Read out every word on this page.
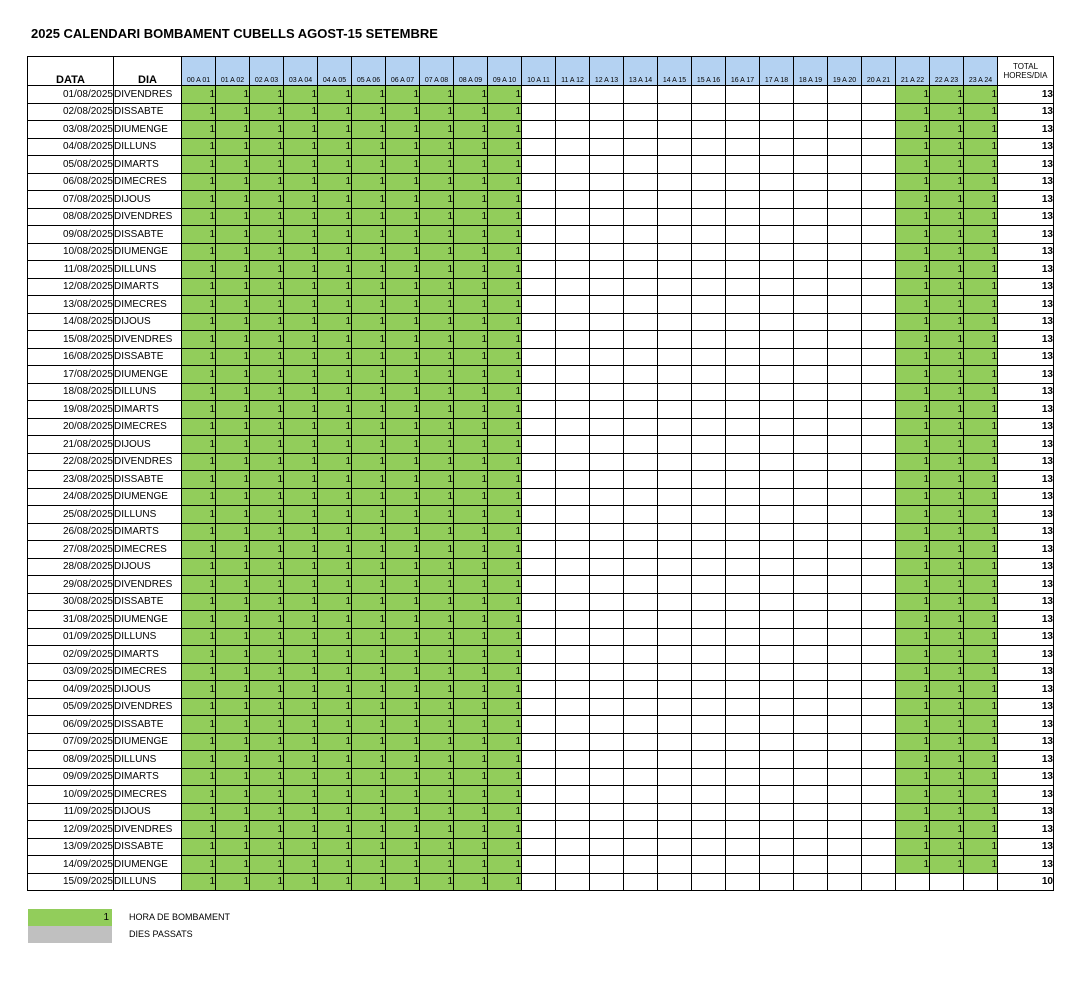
2025 CALENDARI BOMBAMENT CUBELLS AGOST-15 SETEMBRE
DATA	DIA	00 A 01	01 A 02	02 A 03	03 A 04	04 A 05	05 A 06	06 A 07	07 A 08	08 A 09	09 A 10	10 A 11	11 A 12	12 A 13	13 A 14	14 A 15	15 A 16	16 A 17	17 A 18	18 A 19	19 A 20	20 A 21	21 A 22	22 A 23	23 A 24	TOTAL
HORES/DIA

01/08/2025	DIVENDRES	1	1	1	1	1	1	1	1	1	1												1	1	1	13
02/08/2025	DISSABTE	1	1	1	1	1	1	1	1	1	1												1	1	1	13
03/08/2025	DIUMENGE	1	1	1	1	1	1	1	1	1	1												1	1	1	13
04/08/2025	DILLUNS	1	1	1	1	1	1	1	1	1	1												1	1	1	13
05/08/2025	DIMARTS	1	1	1	1	1	1	1	1	1	1												1	1	1	13
06/08/2025	DIMECRES	1	1	1	1	1	1	1	1	1	1												1	1	1	13
07/08/2025	DIJOUS	1	1	1	1	1	1	1	1	1	1												1	1	1	13
08/08/2025	DIVENDRES	1	1	1	1	1	1	1	1	1	1												1	1	1	13
09/08/2025	DISSABTE	1	1	1	1	1	1	1	1	1	1												1	1	1	13
10/08/2025	DIUMENGE	1	1	1	1	1	1	1	1	1	1												1	1	1	13
11/08/2025	DILLUNS	1	1	1	1	1	1	1	1	1	1												1	1	1	13
12/08/2025	DIMARTS	1	1	1	1	1	1	1	1	1	1												1	1	1	13
13/08/2025	DIMECRES	1	1	1	1	1	1	1	1	1	1												1	1	1	13
14/08/2025	DIJOUS	1	1	1	1	1	1	1	1	1	1												1	1	1	13
15/08/2025	DIVENDRES	1	1	1	1	1	1	1	1	1	1												1	1	1	13
16/08/2025	DISSABTE	1	1	1	1	1	1	1	1	1	1												1	1	1	13
17/08/2025	DIUMENGE	1	1	1	1	1	1	1	1	1	1												1	1	1	13
18/08/2025	DILLUNS	1	1	1	1	1	1	1	1	1	1												1	1	1	13
19/08/2025	DIMARTS	1	1	1	1	1	1	1	1	1	1												1	1	1	13
20/08/2025	DIMECRES	1	1	1	1	1	1	1	1	1	1												1	1	1	13
21/08/2025	DIJOUS	1	1	1	1	1	1	1	1	1	1												1	1	1	13
22/08/2025	DIVENDRES	1	1	1	1	1	1	1	1	1	1												1	1	1	13
23/08/2025	DISSABTE	1	1	1	1	1	1	1	1	1	1												1	1	1	13
24/08/2025	DIUMENGE	1	1	1	1	1	1	1	1	1	1												1	1	1	13
25/08/2025	DILLUNS	1	1	1	1	1	1	1	1	1	1												1	1	1	13
26/08/2025	DIMARTS	1	1	1	1	1	1	1	1	1	1												1	1	1	13
27/08/2025	DIMECRES	1	1	1	1	1	1	1	1	1	1												1	1	1	13
28/08/2025	DIJOUS	1	1	1	1	1	1	1	1	1	1												1	1	1	13
29/08/2025	DIVENDRES	1	1	1	1	1	1	1	1	1	1												1	1	1	13
30/08/2025	DISSABTE	1	1	1	1	1	1	1	1	1	1												1	1	1	13
31/08/2025	DIUMENGE	1	1	1	1	1	1	1	1	1	1												1	1	1	13
01/09/2025	DILLUNS	1	1	1	1	1	1	1	1	1	1												1	1	1	13
02/09/2025	DIMARTS	1	1	1	1	1	1	1	1	1	1												1	1	1	13
03/09/2025	DIMECRES	1	1	1	1	1	1	1	1	1	1												1	1	1	13
04/09/2025	DIJOUS	1	1	1	1	1	1	1	1	1	1												1	1	1	13
05/09/2025	DIVENDRES	1	1	1	1	1	1	1	1	1	1												1	1	1	13
06/09/2025	DISSABTE	1	1	1	1	1	1	1	1	1	1												1	1	1	13
07/09/2025	DIUMENGE	1	1	1	1	1	1	1	1	1	1												1	1	1	13
08/09/2025	DILLUNS	1	1	1	1	1	1	1	1	1	1												1	1	1	13
09/09/2025	DIMARTS	1	1	1	1	1	1	1	1	1	1												1	1	1	13
10/09/2025	DIMECRES	1	1	1	1	1	1	1	1	1	1												1	1	1	13
11/09/2025	DIJOUS	1	1	1	1	1	1	1	1	1	1												1	1	1	13
12/09/2025	DIVENDRES	1	1	1	1	1	1	1	1	1	1												1	1	1	13
13/09/2025	DISSABTE	1	1	1	1	1	1	1	1	1	1												1	1	1	13
14/09/2025	DIUMENGE	1	1	1	1	1	1	1	1	1	1												1	1	1	13
15/09/2025	DILLUNS	1	1	1	1	1	1	1	1	1	1															10
1	HORA DE BOMBAMENT
DIES PASSATS
